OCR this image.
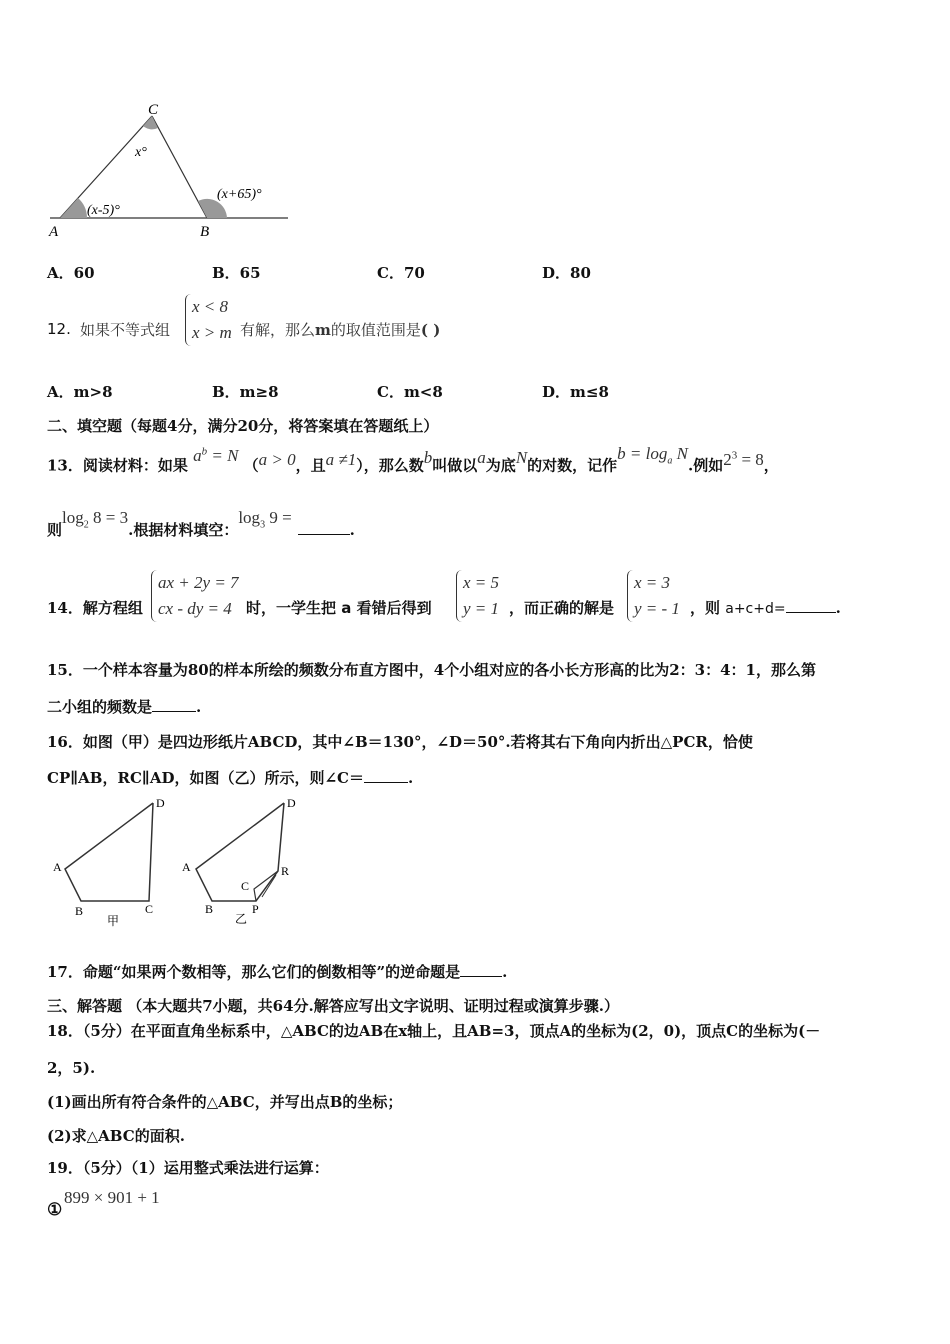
C
A	B
x°
(x-5)°
(x+65)°
A．60	B．65	C．70	D．80
12. 如果不等式组
x < 8
x > m 有解，那么m的取值范围是( )
A．m>8	B．m≥8	C．m<8	D．m≤8
二、填空题（每题4分，满分20分，将答案填在答题纸上）
13．阅读材料：如果 $a^b = N$ （a > 0，且a ≠1），那么数b叫做以a为底N的对数，记作$b = \log_a N$.例如$2^3 = 8$，
则$\log_2 8 = 3$.根据材料填空：$\log_3 9$ =.
14．解方程组
ax + 2y = 7
cx - dy = 4 时，一学生把 a 看错后得到
x = 5
y = 1 ，而正确的解是
x = 3
y = - 1 ，则 a+c+d=	.
15．一个样本容量为80的样本所绘的频数分布直方图中，4个小组对应的各小长方形高的比为2：3：4：1，那么第
二小组的频数是	.
16．如图（甲）是四边形纸片ABCD，其中∠B＝130°，∠D＝50°.若将其右下角向内折出△PCR，恰使
CP∥AB，RC∥AD，如图（乙）所示，则∠C＝	.
D
A
B	C
甲
D
A
B
C
R
P
乙
17．命题“如果两个数相等，那么它们的倒数相等”的逆命题是	.
三、解答题 （本大题共7小题，共64分.解答应写出文字说明、证明过程或演算步骤.）
18．（5分）在平面直角坐标系中，△ABC的边AB在x轴上，且AB=3，顶点A的坐标为(2，0)，顶点C的坐标为(－
2，5).
(1)画出所有符合条件的△ABC，并写出点B的坐标；
(2)求△ABC的面积.
19．（5分）（1）运用整式乘法进行运算：
①
899 × 901 + 1
